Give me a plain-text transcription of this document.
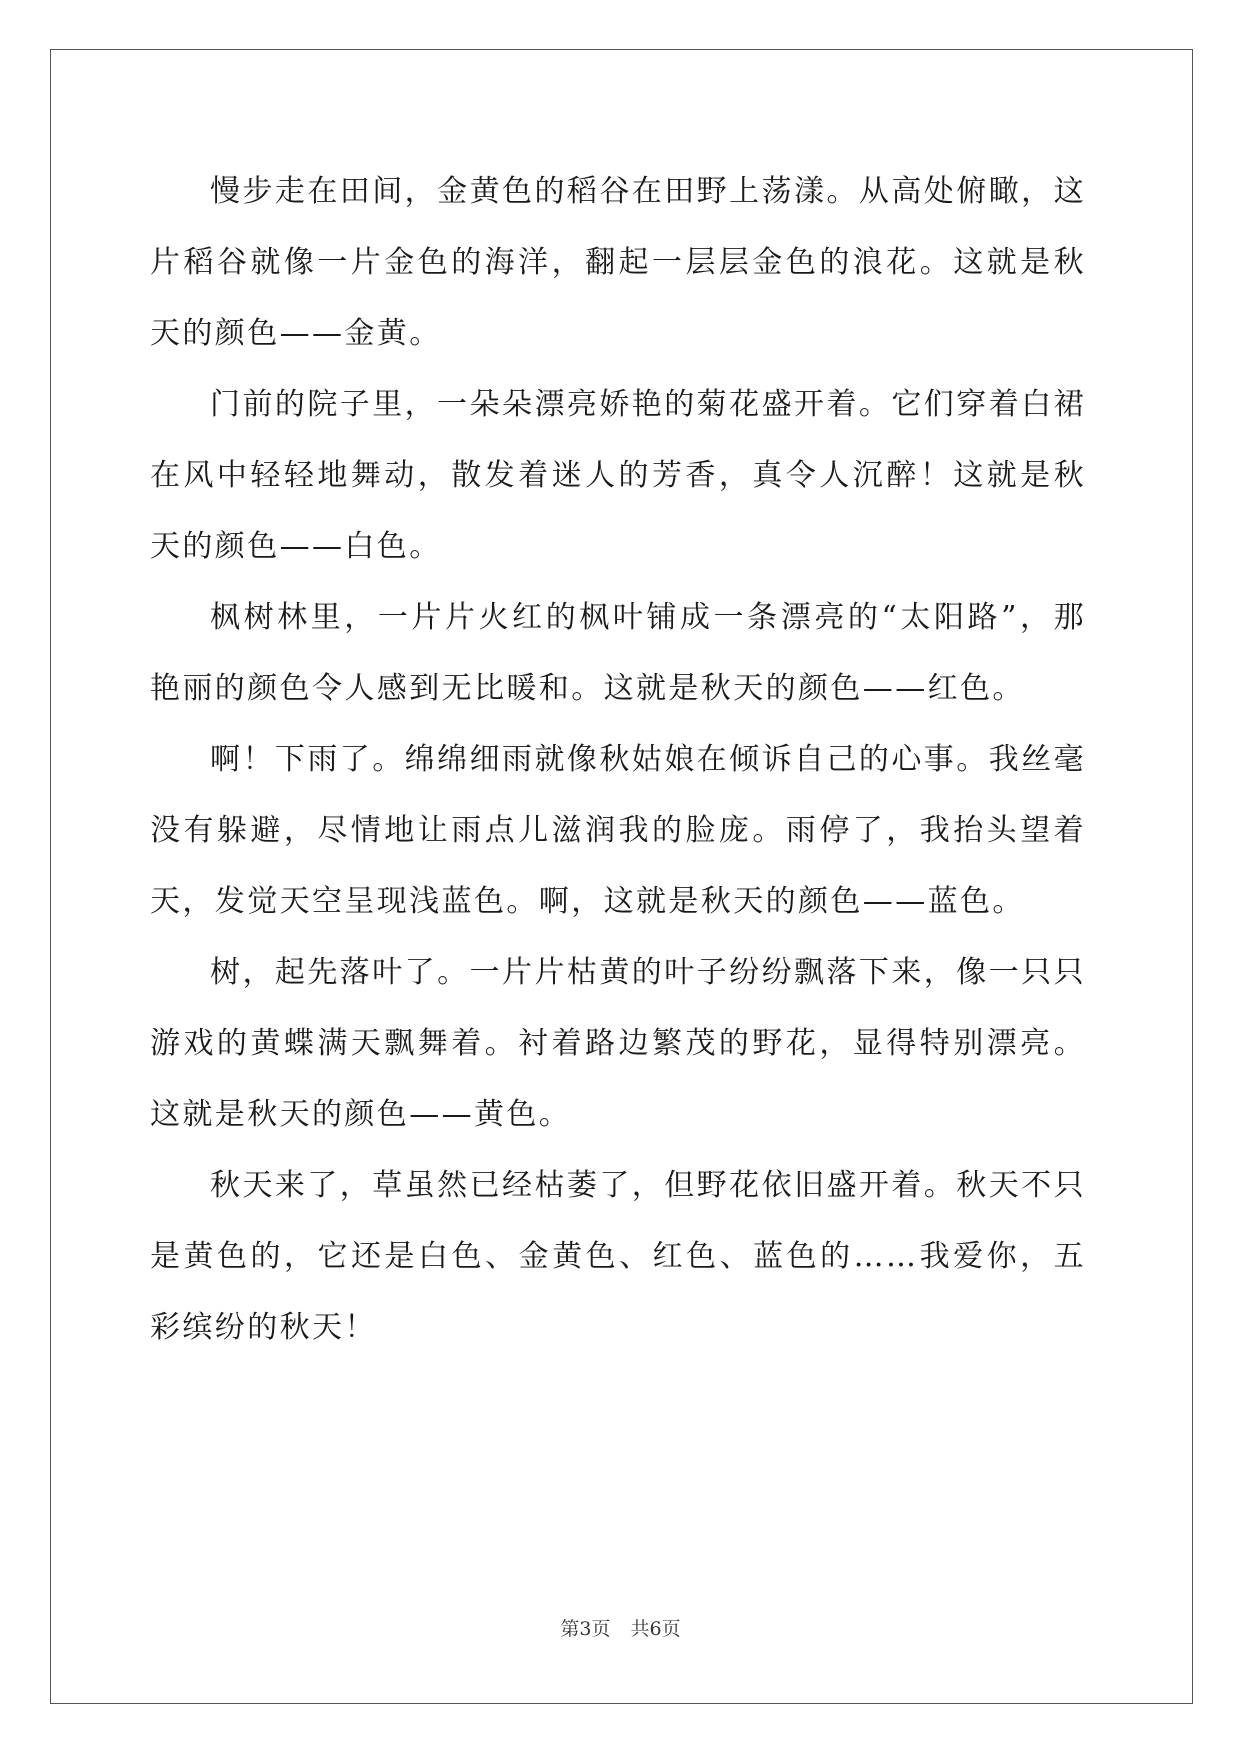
慢步走在田间，金黄色的稻谷在田野上荡漾。从高处俯瞰，这片稻谷就像一片金色的海洋，翻起一层层金色的浪花。这就是秋天的颜色——金黄。

门前的院子里，一朵朵漂亮娇艳的菊花盛开着。它们穿着白裙在风中轻轻地舞动，散发着迷人的芳香，真令人沉醉！这就是秋天的颜色——白色。

枫树林里，一片片火红的枫叶铺成一条漂亮的“太阳路”，那艳丽的颜色令人感到无比暖和。这就是秋天的颜色——红色。

啊！下雨了。绵绵细雨就像秋姑娘在倾诉自己的心事。我丝毫没有躲避，尽情地让雨点儿滋润我的脸庞。雨停了，我抬头望着天，发觉天空呈现浅蓝色。啊，这就是秋天的颜色——蓝色。

树，起先落叶了。一片片枯黄的叶子纷纷飘落下来，像一只只游戏的黄蝶满天飘舞着。衬着路边繁茂的野花，显得特别漂亮。这就是秋天的颜色——黄色。

秋天来了，草虽然已经枯萎了，但野花依旧盛开着。秋天不只是黄色的，它还是白色、金黄色、红色、蓝色的……我爱你，五彩缤纷的秋天！

第3页 共6页
